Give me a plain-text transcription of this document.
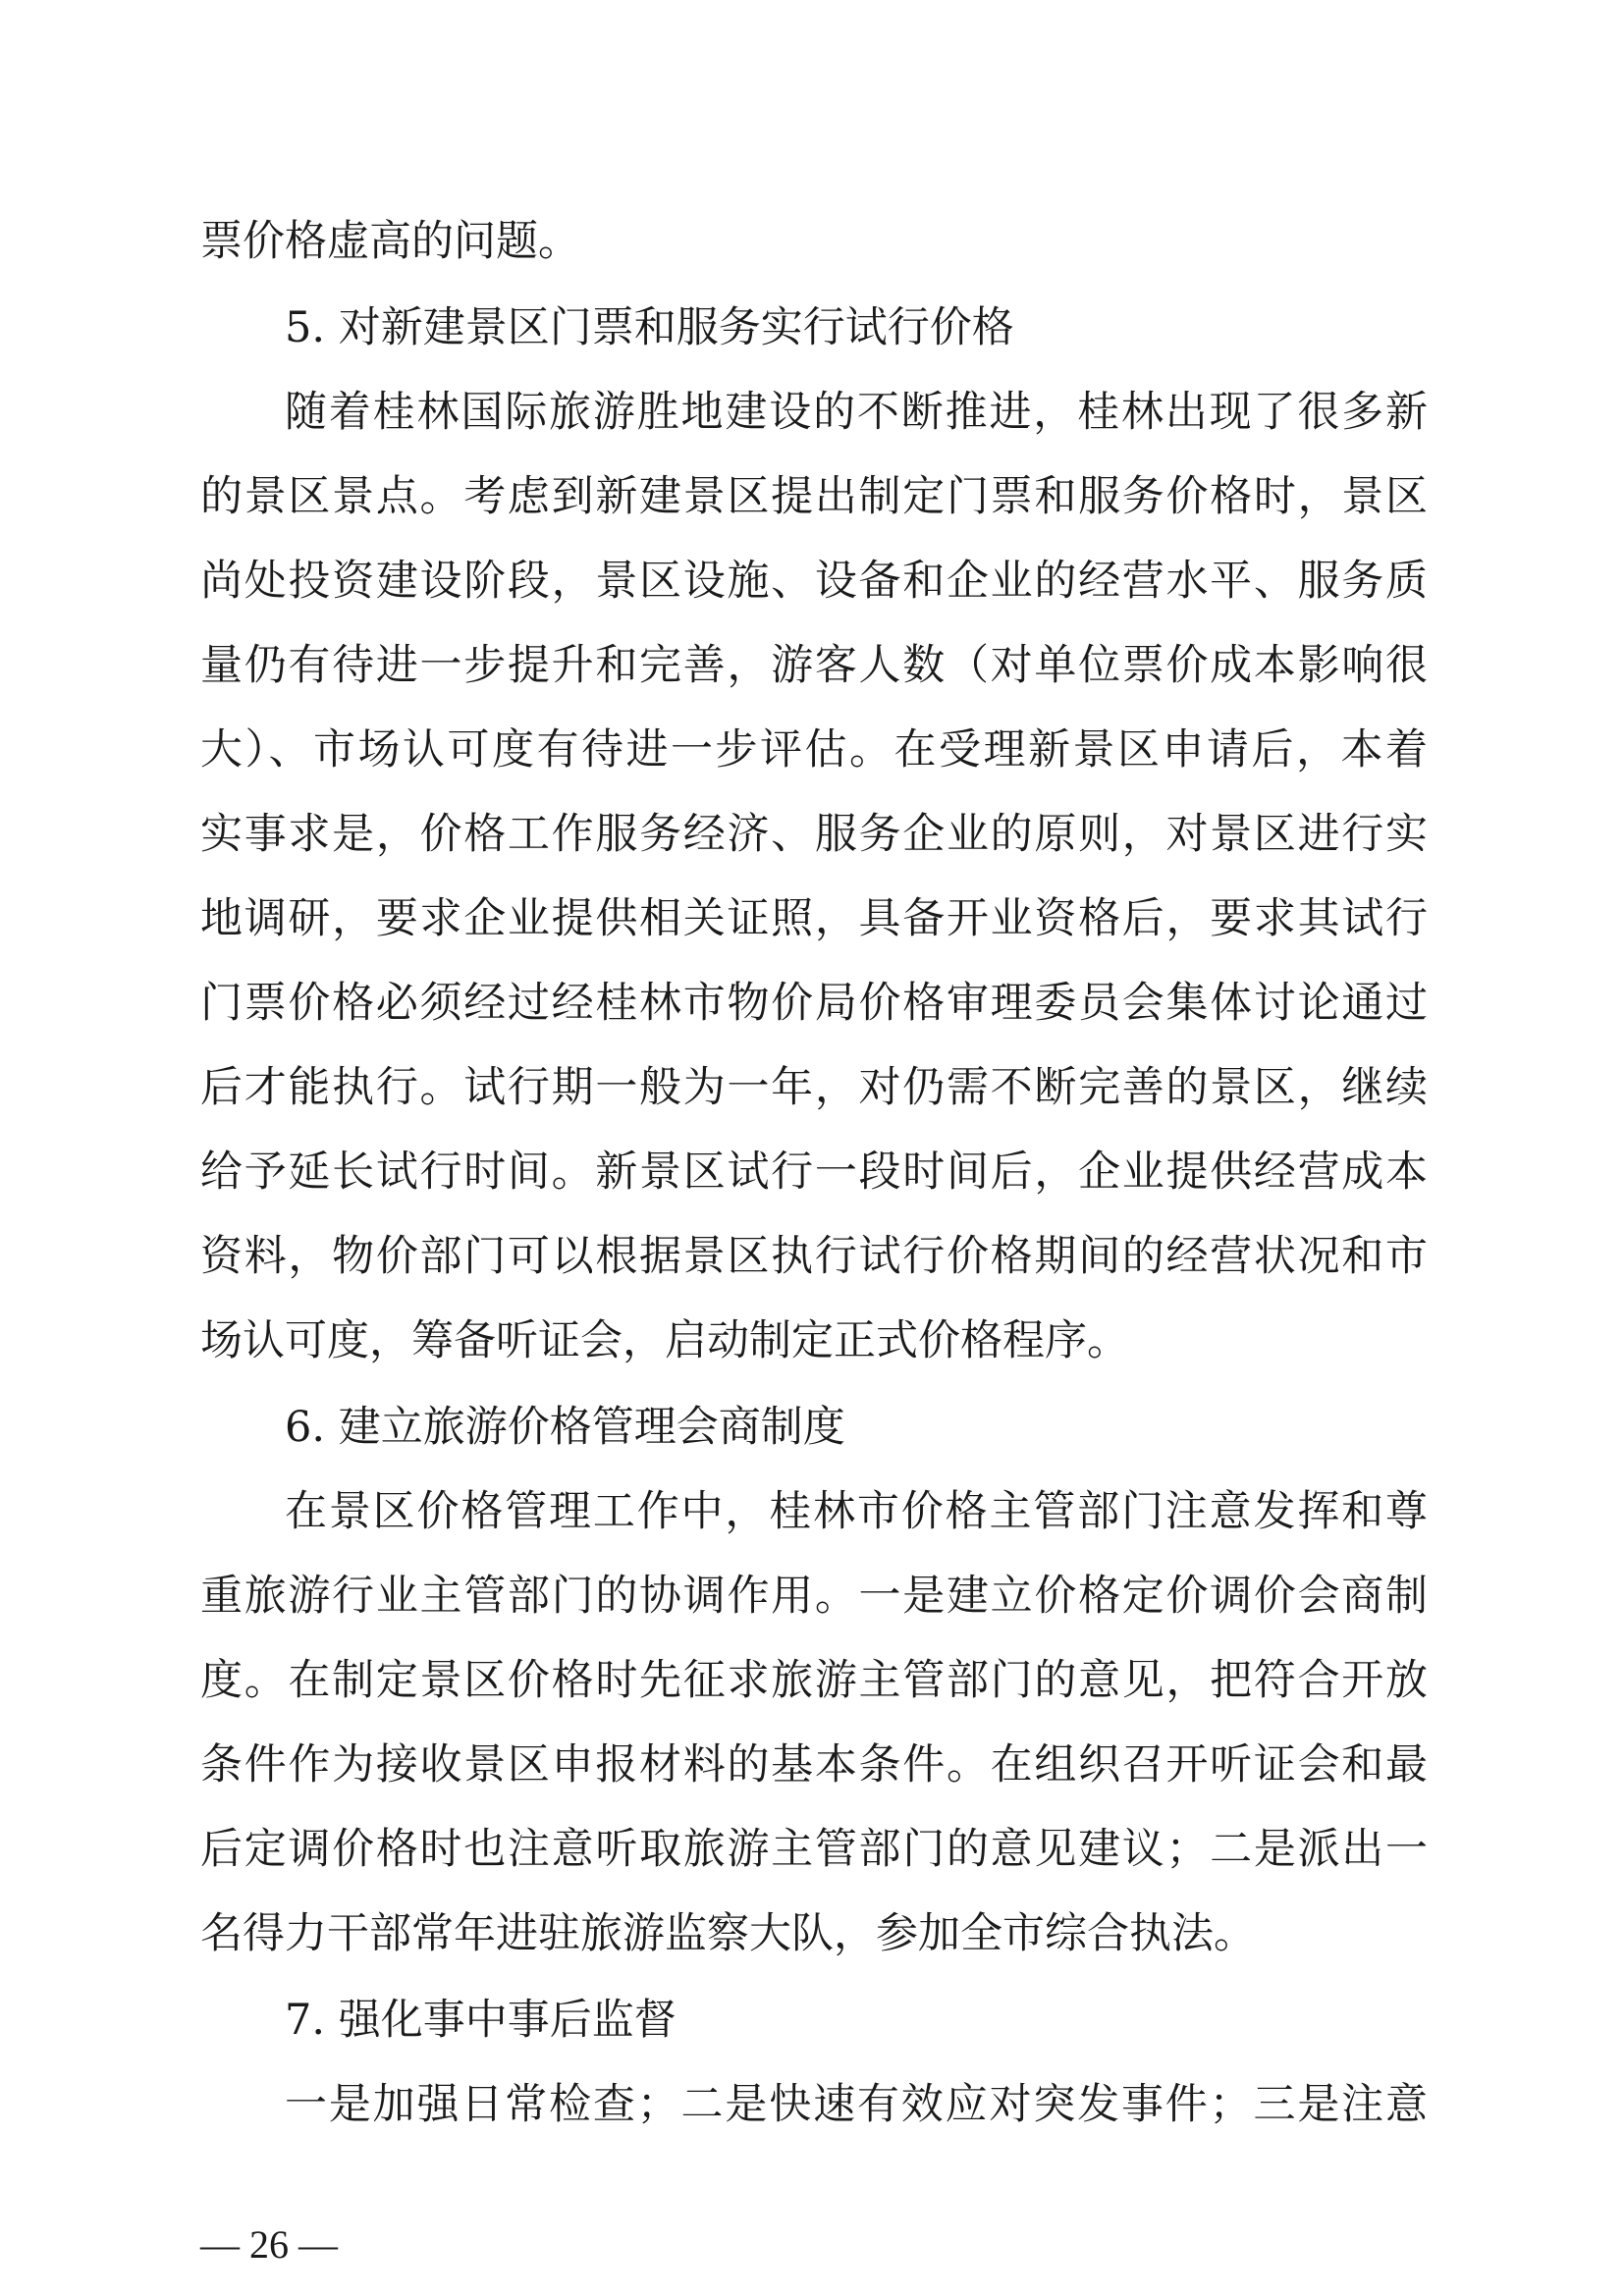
票价格虚高的问题。
5. 对新建景区门票和服务实行试行价格
随着桂林国际旅游胜地建设的不断推进，桂林出现了很多新
的景区景点。考虑到新建景区提出制定门票和服务价格时，景区
尚处投资建设阶段，景区设施、设备和企业的经营水平、服务质
量仍有待进一步提升和完善，游客人数（对单位票价成本影响很
大）、市场认可度有待进一步评估。在受理新景区申请后，本着
实事求是，价格工作服务经济、服务企业的原则，对景区进行实
地调研，要求企业提供相关证照，具备开业资格后，要求其试行
门票价格必须经过经桂林市物价局价格审理委员会集体讨论通过
后才能执行。试行期一般为一年，对仍需不断完善的景区，继续
给予延长试行时间。新景区试行一段时间后，企业提供经营成本
资料，物价部门可以根据景区执行试行价格期间的经营状况和市
场认可度，筹备听证会，启动制定正式价格程序。
6. 建立旅游价格管理会商制度
在景区价格管理工作中，桂林市价格主管部门注意发挥和尊
重旅游行业主管部门的协调作用。一是建立价格定价调价会商制
度。在制定景区价格时先征求旅游主管部门的意见，把符合开放
条件作为接收景区申报材料的基本条件。在组织召开听证会和最
后定调价格时也注意听取旅游主管部门的意见建议；二是派出一
名得力干部常年进驻旅游监察大队，参加全市综合执法。
7. 强化事中事后监督
一是加强日常检查；二是快速有效应对突发事件；三是注意
— 26 —
